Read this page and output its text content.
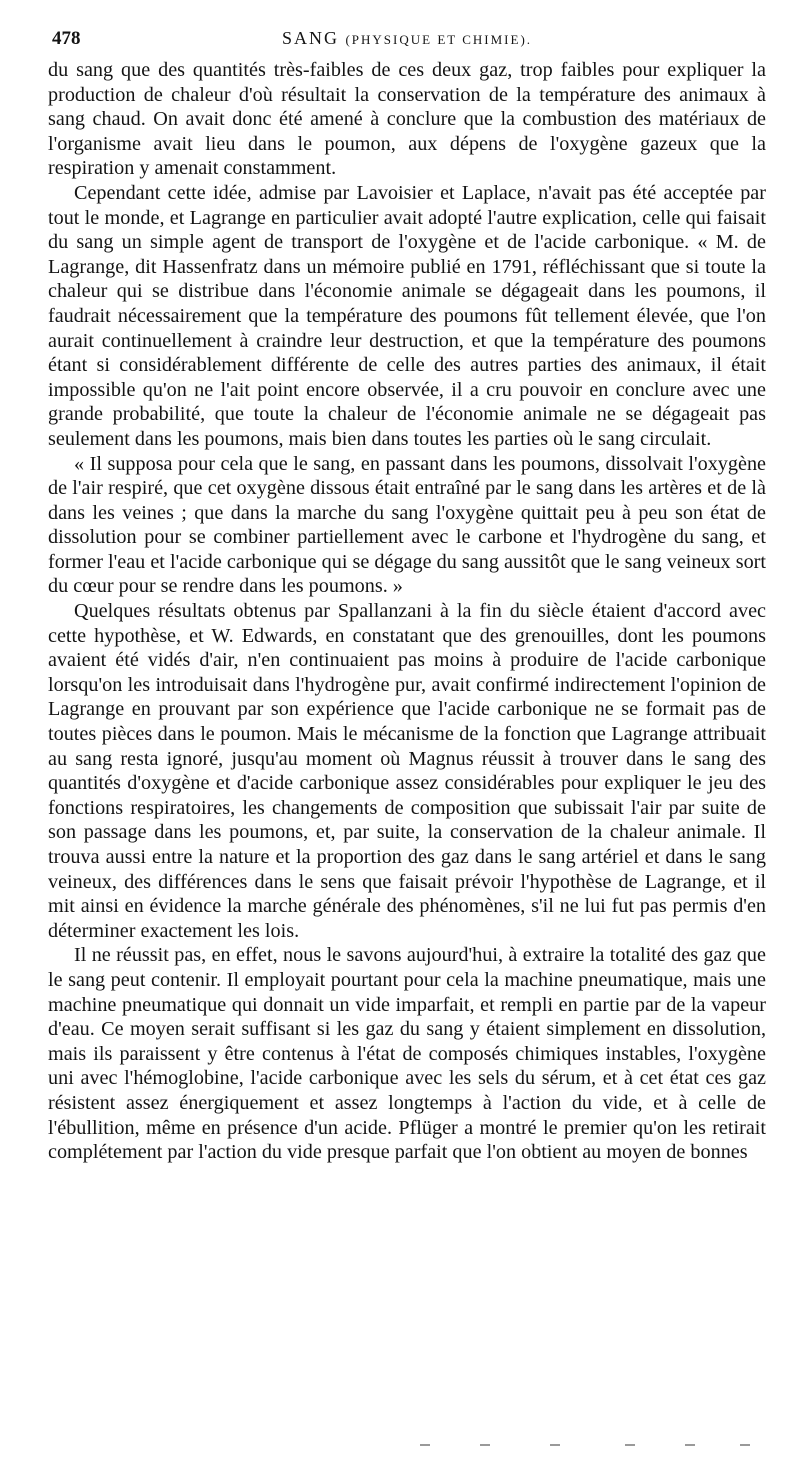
478	SANG (PHYSIQUE ET CHIMIE).

du sang que des quantités très-faibles de ces deux gaz, trop faibles pour expliquer la production de chaleur d'où résultait la conservation de la température des animaux à sang chaud. On avait donc été amené à conclure que la combustion des matériaux de l'organisme avait lieu dans le poumon, aux dépens de l'oxygène gazeux que la respiration y amenait constamment.

Cependant cette idée, admise par Lavoisier et Laplace, n'avait pas été acceptée par tout le monde, et Lagrange en particulier avait adopté l'autre explication, celle qui faisait du sang un simple agent de transport de l'oxygène et de l'acide carbonique. « M. de Lagrange, dit Hassenfratz dans un mémoire publié en 1791, réfléchissant que si toute la chaleur qui se distribue dans l'économie animale se dégageait dans les poumons, il faudrait nécessairement que la température des poumons fût tellement élevée, que l'on aurait continuellement à craindre leur destruction, et que la température des poumons étant si considérablement différente de celle des autres parties des animaux, il était impossible qu'on ne l'ait point encore observée, il a cru pouvoir en conclure avec une grande probabilité, que toute la chaleur de l'économie animale ne se dégageait pas seulement dans les poumons, mais bien dans toutes les parties où le sang circulait.

« Il supposa pour cela que le sang, en passant dans les poumons, dissolvait l'oxygène de l'air respiré, que cet oxygène dissous était entraîné par le sang dans les artères et de là dans les veines ; que dans la marche du sang l'oxygène quittait peu à peu son état de dissolution pour se combiner partiellement avec le carbone et l'hydrogène du sang, et former l'eau et l'acide carbonique qui se dégage du sang aussitôt que le sang veineux sort du cœur pour se rendre dans les poumons. »

Quelques résultats obtenus par Spallanzani à la fin du siècle étaient d'accord avec cette hypothèse, et W. Edwards, en constatant que des grenouilles, dont les poumons avaient été vidés d'air, n'en continuaient pas moins à produire de l'acide carbonique lorsqu'on les introduisait dans l'hydrogène pur, avait confirmé indirectement l'opinion de Lagrange en prouvant par son expérience que l'acide carbonique ne se formait pas de toutes pièces dans le poumon. Mais le mécanisme de la fonction que Lagrange attribuait au sang resta ignoré, jusqu'au moment où Magnus réussit à trouver dans le sang des quantités d'oxygène et d'acide carbonique assez considérables pour expliquer le jeu des fonctions respiratoires, les changements de composition que subissait l'air par suite de son passage dans les poumons, et, par suite, la conservation de la chaleur animale. Il trouva aussi entre la nature et la proportion des gaz dans le sang artériel et dans le sang veineux, des différences dans le sens que faisait prévoir l'hypothèse de Lagrange, et il mit ainsi en évidence la marche générale des phénomènes, s'il ne lui fut pas permis d'en déterminer exactement les lois.

Il ne réussit pas, en effet, nous le savons aujourd'hui, à extraire la totalité des gaz que le sang peut contenir. Il employait pourtant pour cela la machine pneumatique, mais une machine pneumatique qui donnait un vide imparfait, et rempli en partie par de la vapeur d'eau. Ce moyen serait suffisant si les gaz du sang y étaient simplement en dissolution, mais ils paraissent y être contenus à l'état de composés chimiques instables, l'oxygène uni avec l'hémoglobine, l'acide carbonique avec les sels du sérum, et à cet état ces gaz résistent assez énergiquement et assez longtemps à l'action du vide, et à celle de l'ébullition, même en présence d'un acide. Pflüger a montré le premier qu'on les retirait complétement par l'action du vide presque parfait que l'on obtient au moyen de bonnes
